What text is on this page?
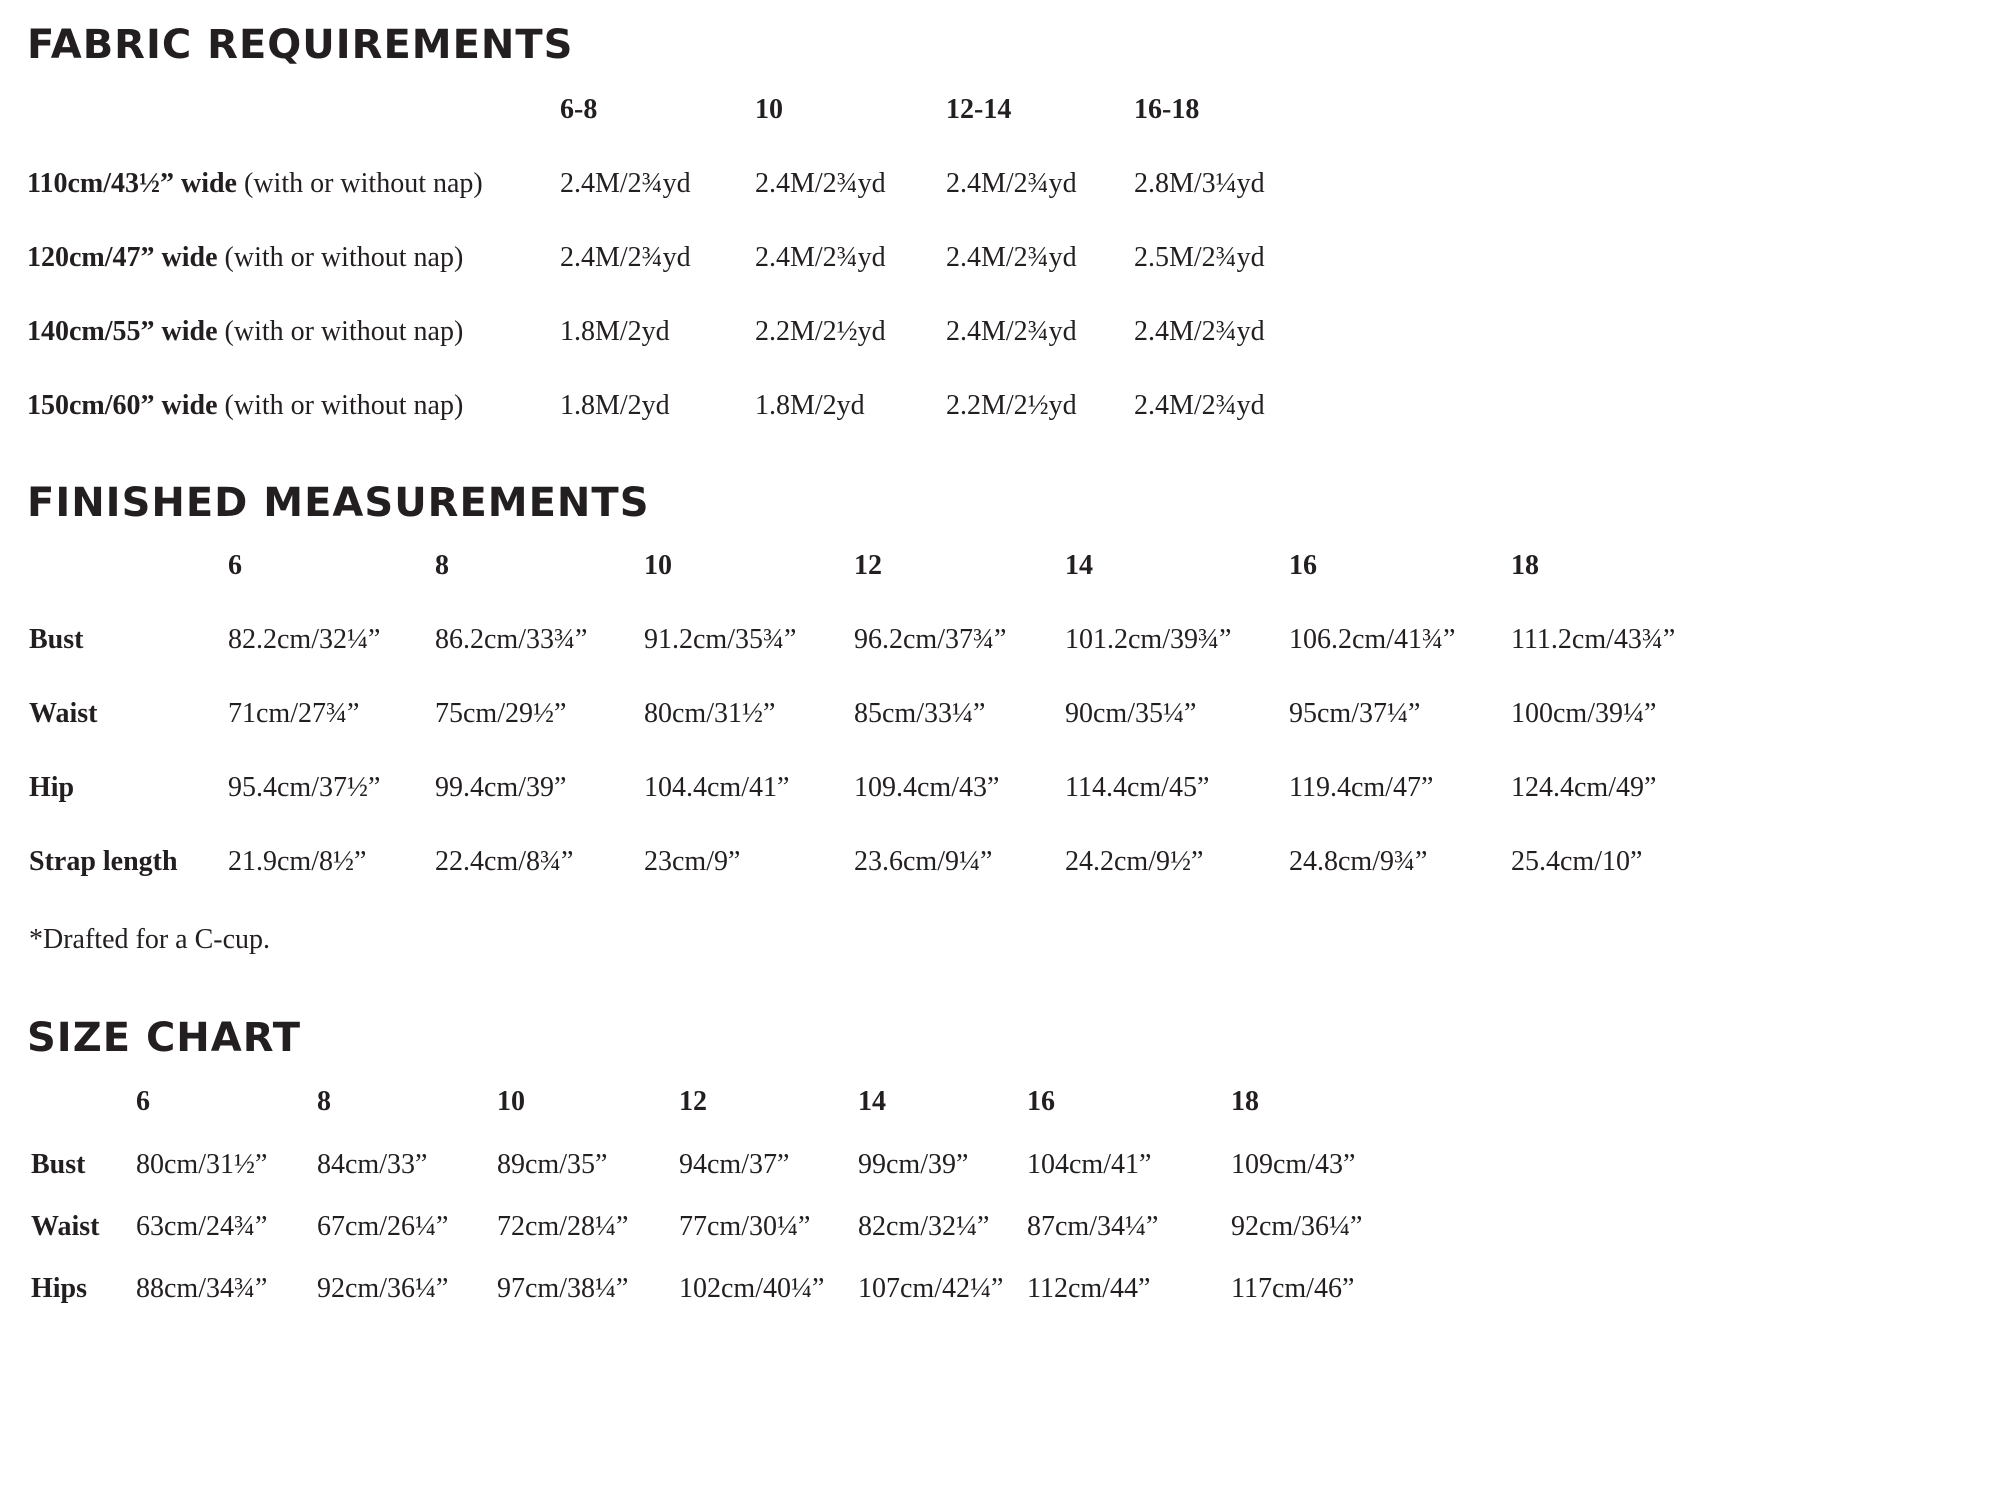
FABRIC REQUIREMENTS
6-8	10	12-14	16-18
110cm/43½” wide (with or without nap)	2.4M/2¾yd 2.4M/2¾yd 2.4M/2¾yd 2.8M/3¼yd
120cm/47” wide (with or without nap)	2.4M/2¾yd 2.4M/2¾yd 2.4M/2¾yd 2.5M/2¾yd
140cm/55” wide (with or without nap)	1.8M/2yd	2.2M/2½yd 2.4M/2¾yd 2.4M/2¾yd
150cm/60” wide (with or without nap)	1.8M/2yd	1.8M/2yd	2.2M/2½yd 2.4M/2¾yd
FINISHED MEASUREMENTS
6	8	10	12	14	16	18
Bust	82.2cm/32¼” 86.2cm/33¾” 91.2cm/35¾” 96.2cm/37¾” 101.2cm/39¾” 106.2cm/41¾” 111.2cm/43¾”
Waist	71cm/27¾”	75cm/29½”	80cm/31½”	85cm/33¼”	90cm/35¼”	95cm/37¼”	100cm/39¼”
Hip	95.4cm/37½” 99.4cm/39”	104.4cm/41” 109.4cm/43” 114.4cm/45”	119.4cm/47”	124.4cm/49”
Strap length 21.9cm/8½” 22.4cm/8¾”	23cm/9”	23.6cm/9¼”	24.2cm/9½”	24.8cm/9¾”	25.4cm/10”
*Drafted for a C-cup.
SIZE CHART
6	8	10	12	14	16	18
Bust 80cm/31½” 84cm/33” 89cm/35”	94cm/37” 99cm/39” 104cm/41”	109cm/43”
Waist 63cm/24¾” 67cm/26¼” 72cm/28¼” 77cm/30¼” 82cm/32¼” 87cm/34¼”	92cm/36¼”
Hips 88cm/34¾” 92cm/36¼” 97cm/38¼” 102cm/40¼” 107cm/42¼” 112cm/44”	117cm/46”
